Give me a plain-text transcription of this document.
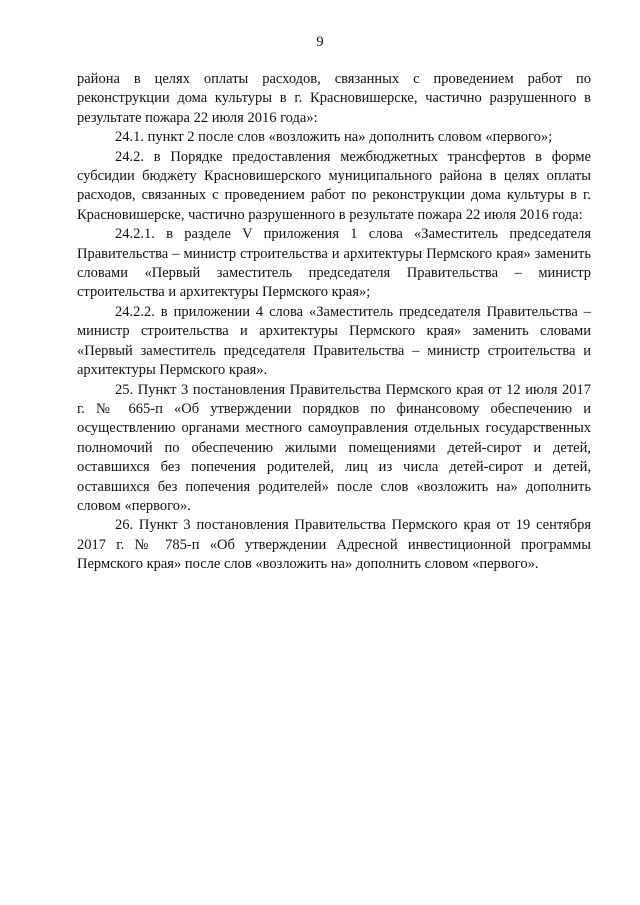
9

района в целях оплаты расходов, связанных с проведением работ по реконструкции дома культуры в г. Красновишерске, частично разрушенного в результате пожара 22 июля 2016 года»:

24.1. пункт 2 после слов «возложить на» дополнить словом «первого»;

24.2. в Порядке предоставления межбюджетных трансфертов в форме субсидии бюджету Красновишерского муниципального района в целях оплаты расходов, связанных с проведением работ по реконструкции дома культуры в г. Красновишерске, частично разрушенного в результате пожара 22 июля 2016 года:

24.2.1. в разделе V приложения 1 слова «Заместитель председателя Правительства – министр строительства и архитектуры Пермского края» заменить словами «Первый заместитель председателя Правительства – министр строительства и архитектуры Пермского края»;

24.2.2. в приложении 4 слова «Заместитель председателя Правительства – министр строительства и архитектуры Пермского края» заменить словами «Первый заместитель председателя Правительства – министр строительства и архитектуры Пермского края».

25. Пункт 3 постановления Правительства Пермского края от 12 июля 2017 г. № 665-п «Об утверждении порядков по финансовому обеспечению и осуществлению органами местного самоуправления отдельных государственных полномочий по обеспечению жилыми помещениями детей-сирот и детей, оставшихся без попечения родителей, лиц из числа детей-сирот и детей, оставшихся без попечения родителей» после слов «возложить на» дополнить словом «первого».

26. Пункт 3 постановления Правительства Пермского края от 19 сентября 2017 г. № 785-п «Об утверждении Адресной инвестиционной программы Пермского края» после слов «возложить на» дополнить словом «первого».
